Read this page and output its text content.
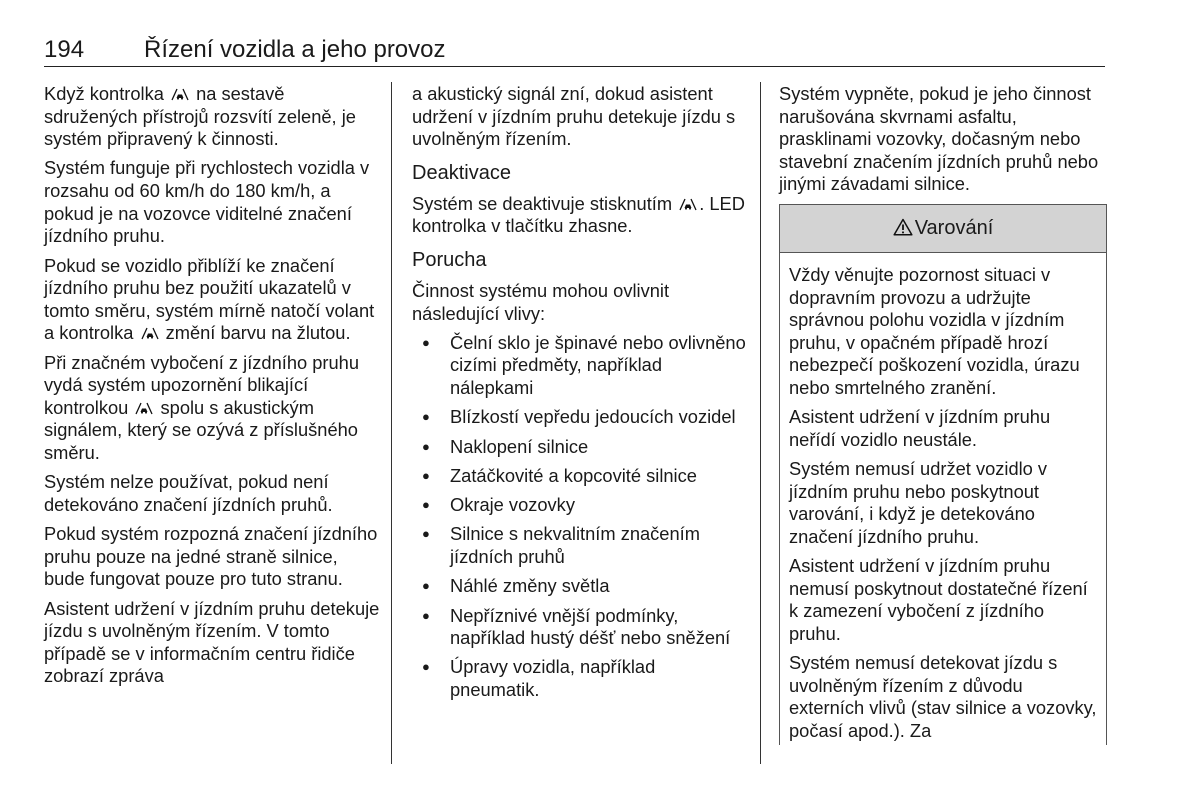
194 Řízení vozidla a jeho provoz

Když kontrolka  na sestavě sdružených přístrojů rozsvítí zeleně, je systém připravený k činnosti.

Systém funguje při rychlostech vozidla v rozsahu od 60 km/h do 180 km/h, a pokud je na vozovce viditelné značení jízdního pruhu.

Pokud se vozidlo přiblíží ke značení jízdního pruhu bez použití ukazatelů v tomto směru, systém mírně natočí volant a kontrolka  změní barvu na žlutou.

Při značném vybočení z jízdního pruhu vydá systém upozornění blikající kontrolkou  spolu s akustickým signálem, který se ozývá z příslušného směru.

Systém nelze používat, pokud není detekováno značení jízdních pruhů.

Pokud systém rozpozná značení jízdního pruhu pouze na jedné straně silnice, bude fungovat pouze pro tuto stranu.

Asistent udržení v jízdním pruhu detekuje jízdu s uvolněným řízením. V tomto případě se v informačním centru řidiče zobrazí zpráva

a akustický signál zní, dokud asistent udržení v jízdním pruhu detekuje jízdu s uvolněným řízením.

Deaktivace

Systém se deaktivuje stisknutím . LED kontrolka v tlačítku zhasne.

Porucha

Činnost systému mohou ovlivnit následující vlivy:

● Čelní sklo je špinavé nebo ovlivněno cizími předměty, například nálepkami
● Blízkostí vepředu jedoucích vozidel
● Naklopení silnice
● Zatáčkovité a kopcovité silnice
● Okraje vozovky
● Silnice s nekvalitním značením jízdních pruhů
● Náhlé změny světla
● Nepříznivé vnější podmínky, například hustý déšť nebo sněžení
● Úpravy vozidla, například pneumatik.

Systém vypněte, pokud je jeho činnost narušována skvrnami asfaltu, prasklinami vozovky, dočasným nebo stavební značením jízdních pruhů nebo jinými závadami silnice.

Varování

Vždy věnujte pozornost situaci v dopravním provozu a udržujte správnou polohu vozidla v jízdním pruhu, v opačném případě hrozí nebezpečí poškození vozidla, úrazu nebo smrtelného zranění.

Asistent udržení v jízdním pruhu neřídí vozidlo neustále.

Systém nemusí udržet vozidlo v jízdním pruhu nebo poskytnout varování, i když je detekováno značení jízdního pruhu.

Asistent udržení v jízdním pruhu nemusí poskytnout dostatečné řízení k zamezení vybočení z jízdního pruhu.

Systém nemusí detekovat jízdu s uvolněným řízením z důvodu externích vlivů (stav silnice a vozovky, počasí apod.). Za
